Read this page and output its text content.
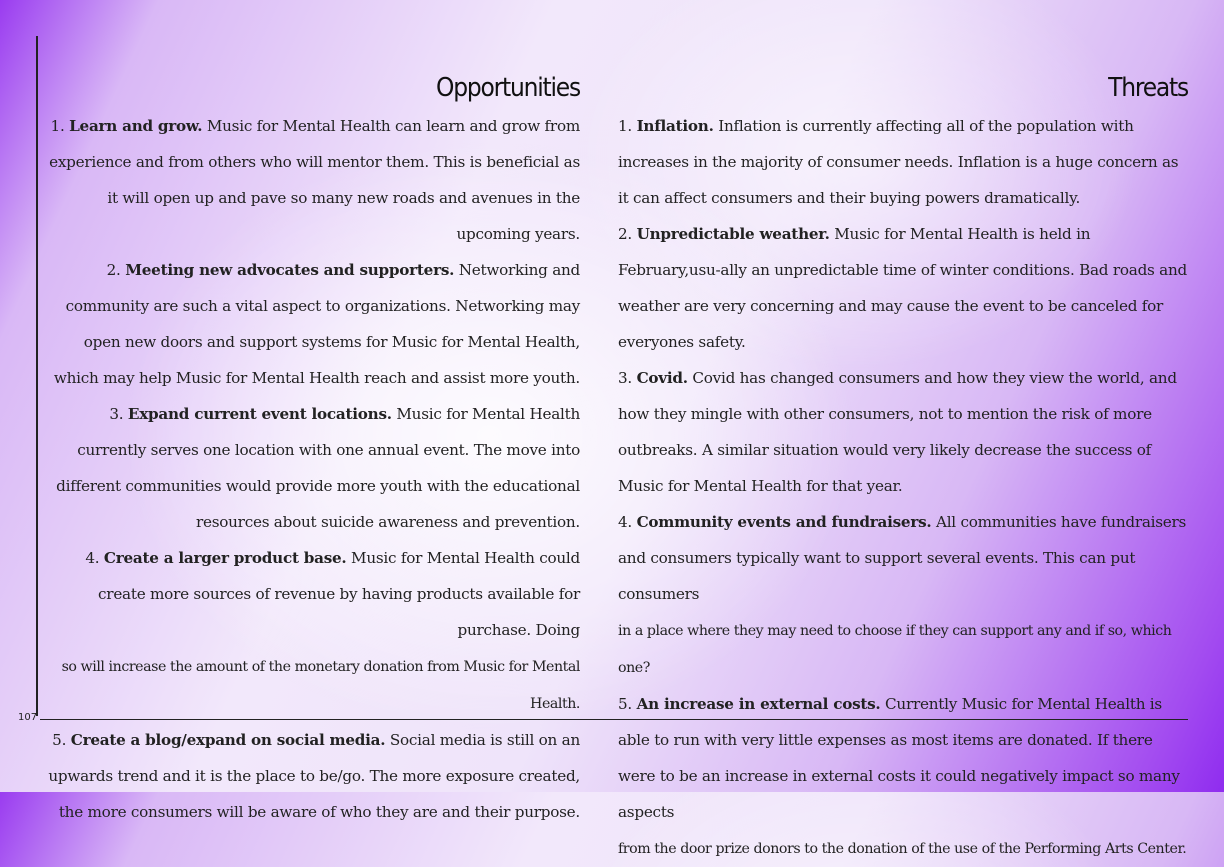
107
Opportunities	Threats

1. Learn and grow. Music for Mental Health can learn and grow from experience and from others who will mentor them. This is beneficial as it will open up and pave so many new roads and avenues in the upcoming years.

2. Meeting new advocates and supporters. Networking and community are such a vital aspect to organizations. Networking may open new doors and support systems for Music for Mental Health, which may help Music for Mental Health reach and assist more youth.

3. Expand current event locations. Music for Mental Health currently serves one location with one annual event. The move into different communities would provide more youth with the educational resources about suicide awareness and prevention.

4. Create a larger product base. Music for Mental Health could create more sources of revenue by having products available for purchase. Doing
so will increase the amount of the monetary donation from Music for Mental Health.

5. Create a blog/expand on social media. Social media is still on an upwards trend and it is the place to be/go. The more exposure created, the more consumers will be aware of who they are and their purpose.

1. Inflation. Inflation is currently affecting all of the population with increases in the majority of consumer needs. Inflation is a huge concern as it can affect consumers and their buying powers dramatically.

2. Unpredictable weather. Music for Mental Health is held in February,usu-ally an unpredictable time of winter conditions. Bad roads and weather are very concerning and may cause the event to be canceled for everyones safety.

3. Covid. Covid has changed consumers and how they view the world, and how they mingle with other consumers, not to mention the risk of more outbreaks. A similar situation would very likely decrease the success of Music for Mental Health for that year.

4. Community events and fundraisers. All communities have fundraisers and consumers typically want to support several events. This can put consumers
in a place where they may need to choose if they can support any and if so, which one?

5. An increase in external costs. Currently Music for Mental Health is able to run with very little expenses as most items are donated. If there were to be an increase in external costs it could negatively impact so many aspects
from the door prize donors to the donation of the use of the Performing Arts Center.
